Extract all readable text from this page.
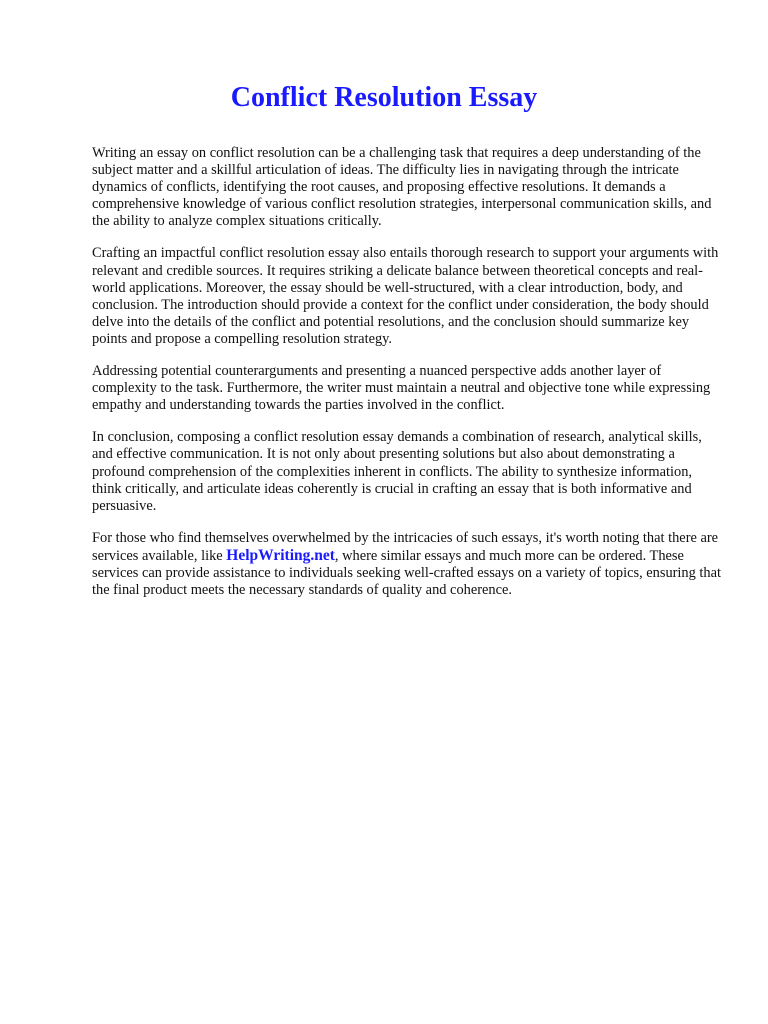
Conflict Resolution Essay

Writing an essay on conflict resolution can be a challenging task that requires a deep understanding of the subject matter and a skillful articulation of ideas. The difficulty lies in navigating through the intricate dynamics of conflicts, identifying the root causes, and proposing effective resolutions. It demands a comprehensive knowledge of various conflict resolution strategies, interpersonal communication skills, and the ability to analyze complex situations critically.

Crafting an impactful conflict resolution essay also entails thorough research to support your arguments with relevant and credible sources. It requires striking a delicate balance between theoretical concepts and real-world applications. Moreover, the essay should be well-structured, with a clear introduction, body, and conclusion. The introduction should provide a context for the conflict under consideration, the body should delve into the details of the conflict and potential resolutions, and the conclusion should summarize key points and propose a compelling resolution strategy.

Addressing potential counterarguments and presenting a nuanced perspective adds another layer of complexity to the task. Furthermore, the writer must maintain a neutral and objective tone while expressing empathy and understanding towards the parties involved in the conflict.

In conclusion, composing a conflict resolution essay demands a combination of research, analytical skills, and effective communication. It is not only about presenting solutions but also about demonstrating a profound comprehension of the complexities inherent in conflicts. The ability to synthesize information, think critically, and articulate ideas coherently is crucial in crafting an essay that is both informative and persuasive.

For those who find themselves overwhelmed by the intricacies of such essays, it's worth noting that there are services available, like HelpWriting.net, where similar essays and much more can be ordered. These services can provide assistance to individuals seeking well-crafted essays on a variety of topics, ensuring that the final product meets the necessary standards of quality and coherence.
